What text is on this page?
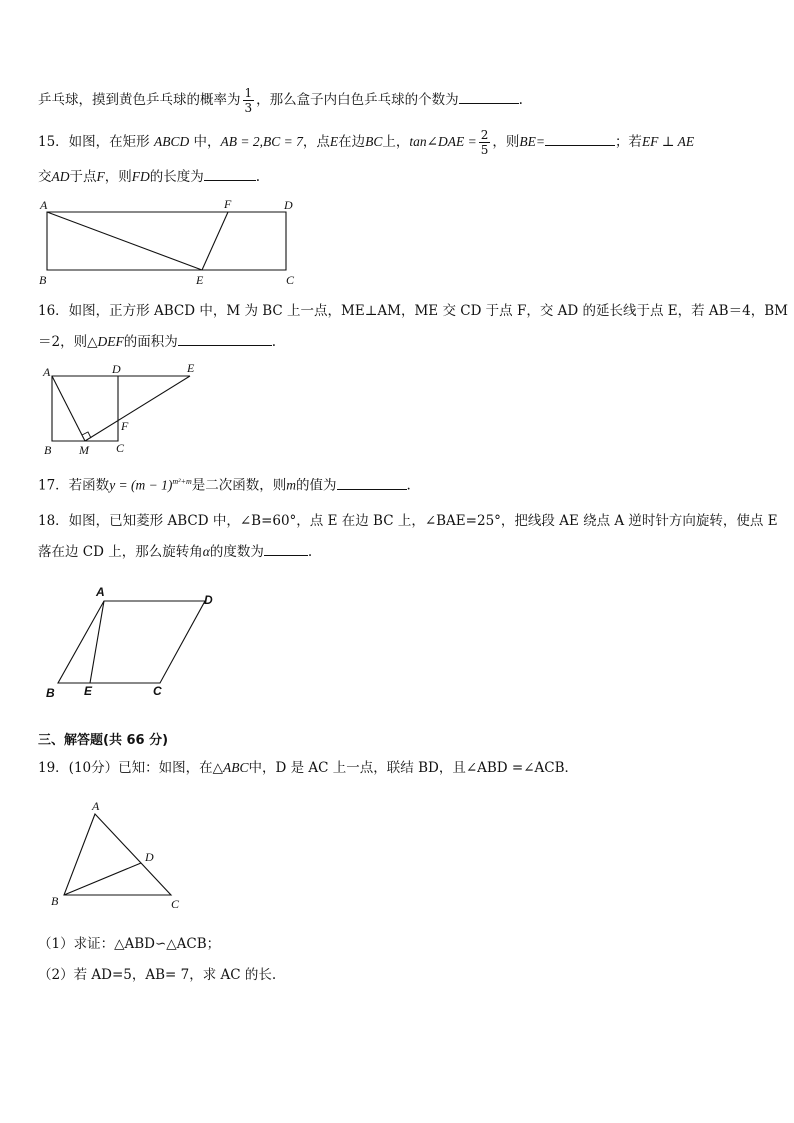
乒乓球，摸到黄色乒乓球的概率为 $\frac{1}{3}$ ，那么盒子内白色乒乓球的个数为	.
15．如图，在矩形 ABCD 中，AB = 2,BC = 7，点E在边BC上，tan∠DAE = $\frac{2}{5}$ ，则BE=	；若EF ⊥ AE
交AD于点F，则FD的长度为	.
A	F	D
B	E	C
16．如图，正方形 ABCD 中，M 为 BC 上一点，ME⊥AM，ME 交 CD 于点 F，交 AD 的延长线于点 E，若 AB＝4，BM
＝2，则△DEF的面积为	.
A	D	E
F
B M C
17．若函数$y = (m - 1)^{m^2+m}$是二次函数，则m的值为	.
18．如图，已知菱形 ABCD 中，∠B=60°，点 E 在边 BC 上，∠BAE=25°，把线段 AE 绕点 A 逆时针方向旋转，使点 E
落在边 CD 上，那么旋转角α的度数为	.
A
D
B E	C
三、解答题(共 66 分)
19．(10分）已知：如图，在△ABC中，D 是 AC 上一点，联结 BD，且∠ABD =∠ACB．
A
D
B	C
（1）求证：△ABD∽△ACB；
（2）若 AD=5，AB= 7，求 AC 的长.
